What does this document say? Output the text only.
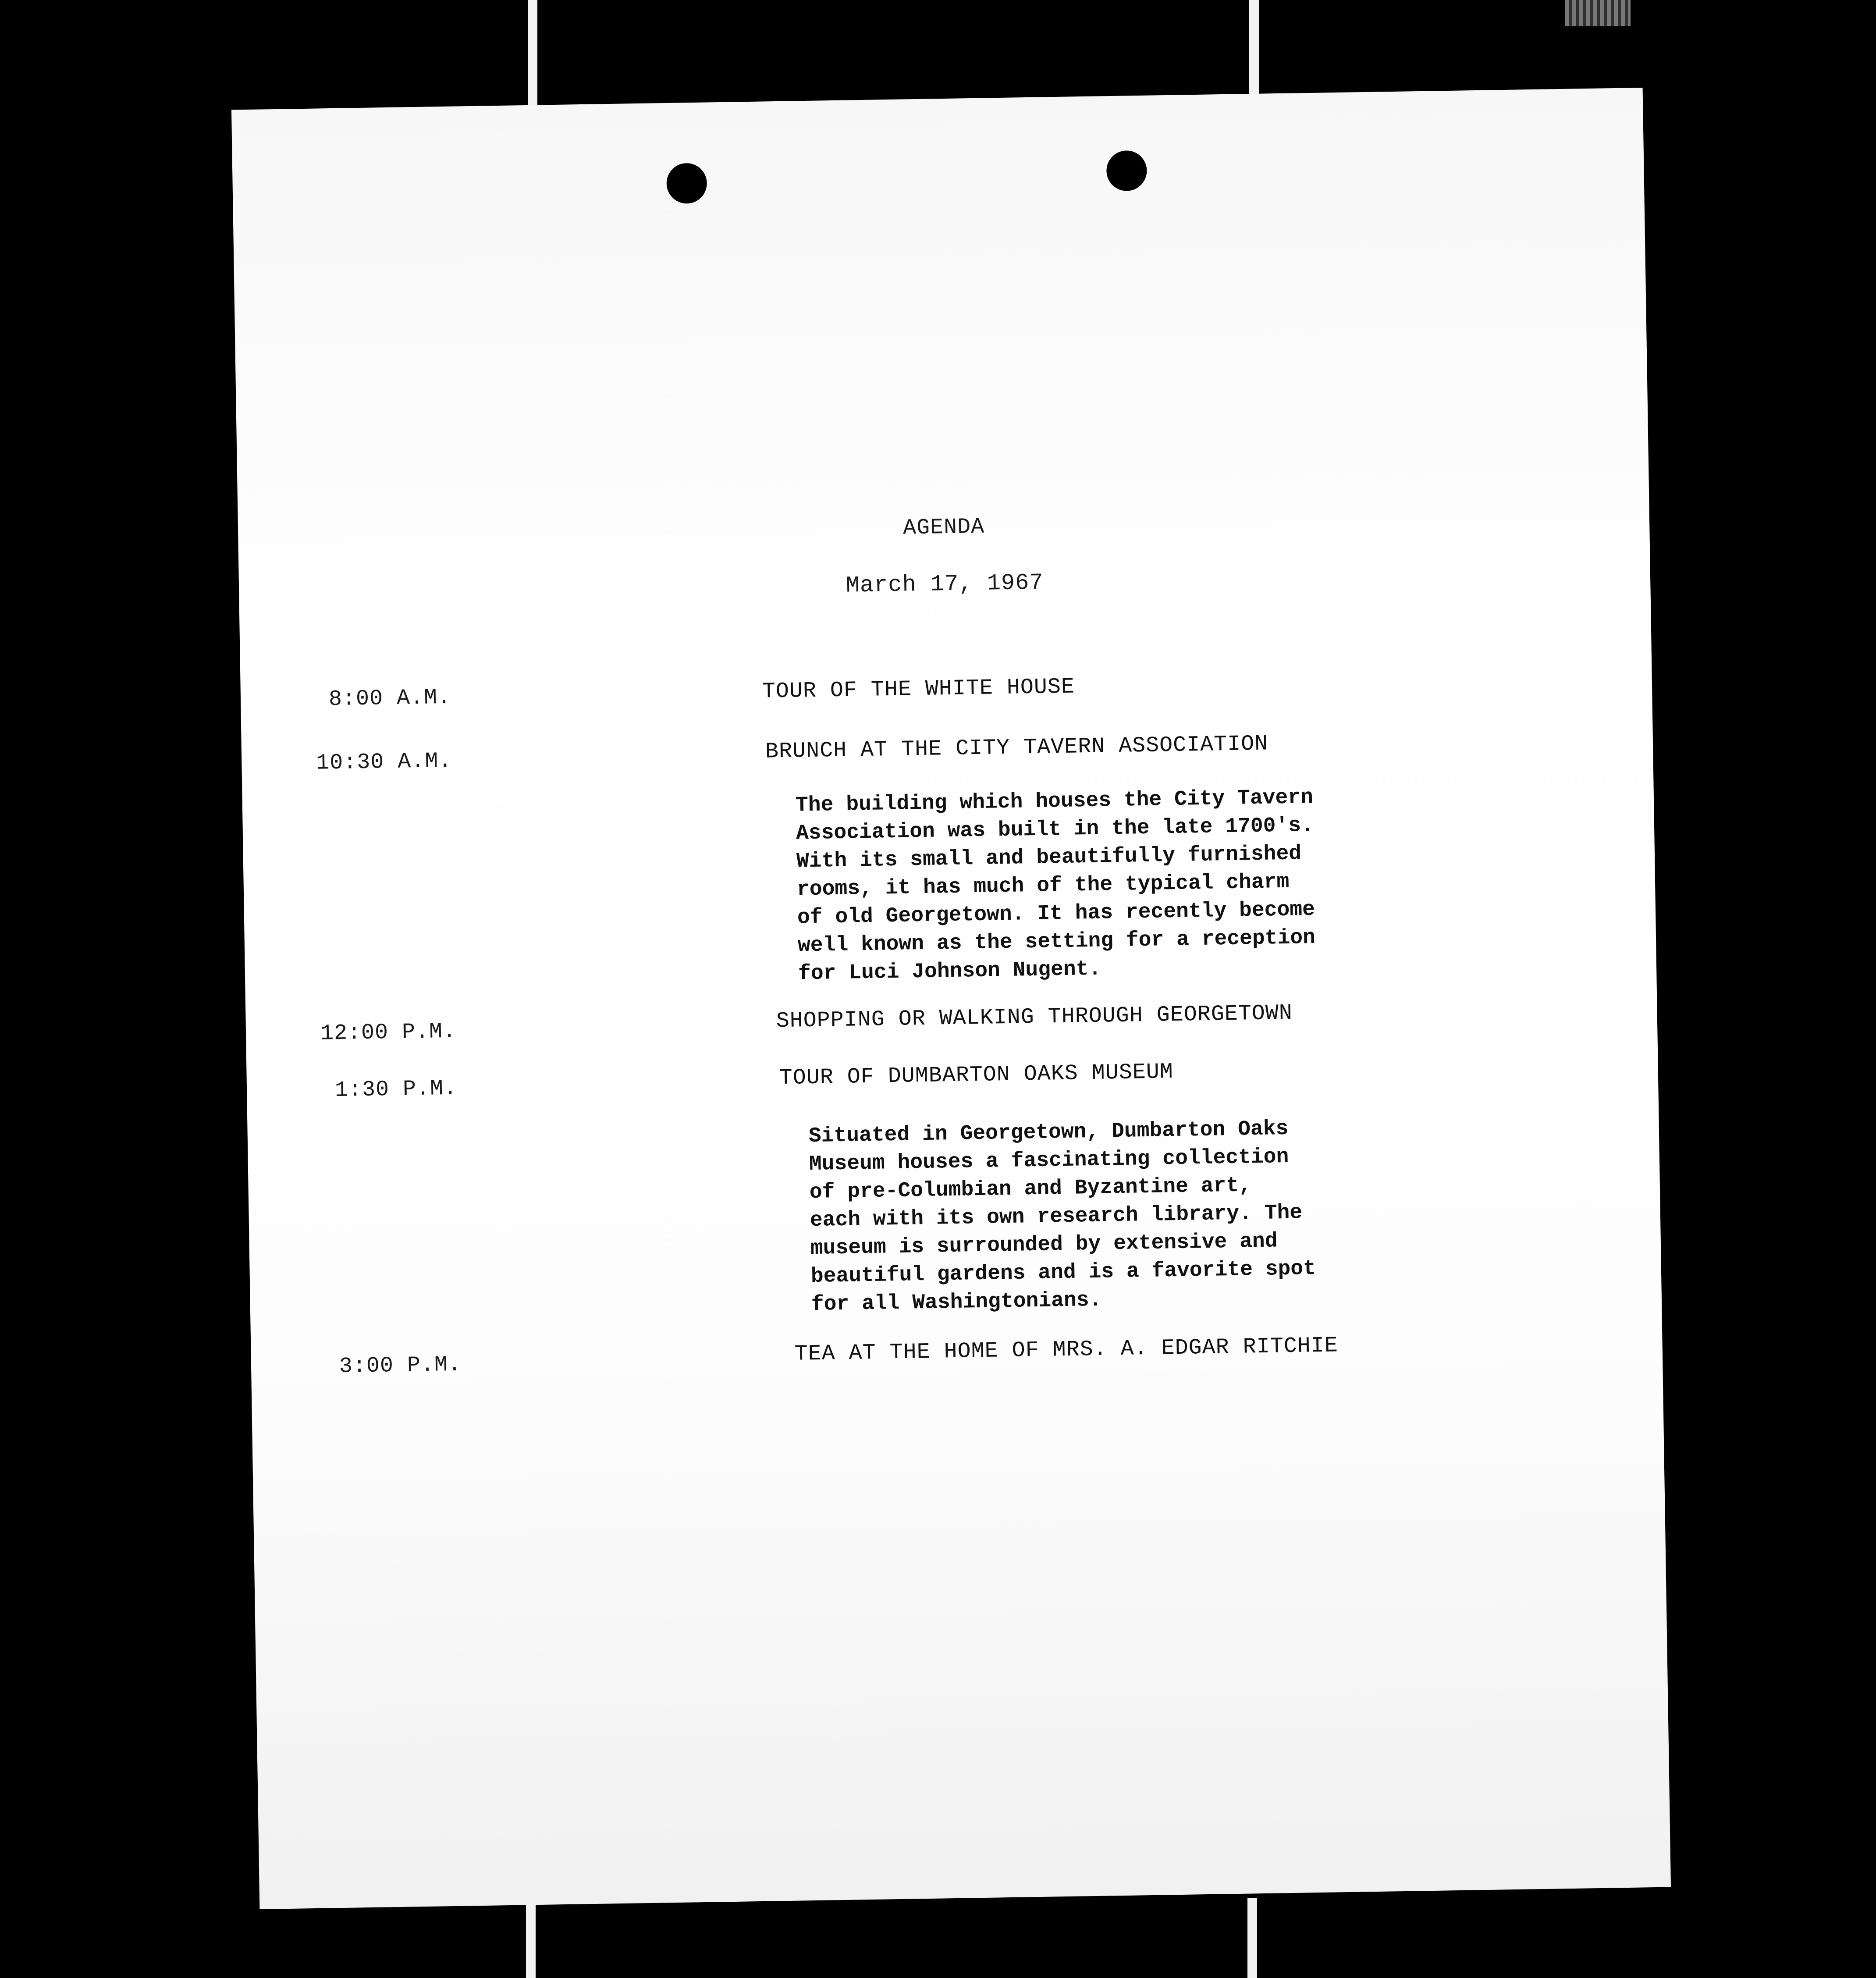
AGENDA
March 17, 1967
8:00 A.M.	TOUR OF THE WHITE HOUSE
10:30 A.M.	BRUNCH AT THE CITY TAVERN ASSOCIATION
The building which houses the City Tavern
Association was built in the late 1700's.
With its small and beautifully furnished
rooms, it has much of the typical charm
of old Georgetown. It has recently become
well known as the setting for a reception
for Luci Johnson Nugent.
12:00 P.M.	SHOPPING OR WALKING THROUGH GEORGETOWN
1:30 P.M.	TOUR OF DUMBARTON OAKS MUSEUM
Situated in Georgetown, Dumbarton Oaks
Museum houses a fascinating collection
of pre-Columbian and Byzantine art,
each with its own research library. The
museum is surrounded by extensive and
beautiful gardens and is a favorite spot
for all Washingtonians.
3:00 P.M.	TEA AT THE HOME OF MRS. A. EDGAR RITCHIE
